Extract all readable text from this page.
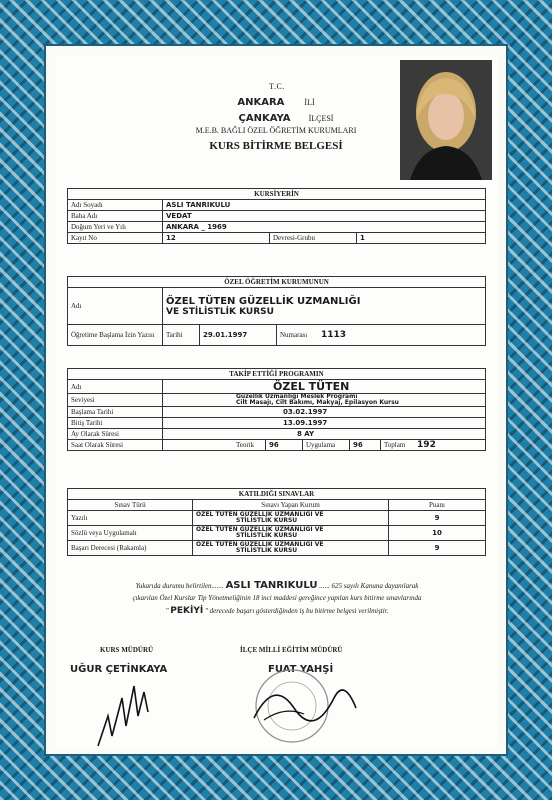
T.C.
ANKARA	İLİ
ÇANKAYA İLÇESİ
M.E.B. BAĞLI ÖZEL ÖĞRETİM KURUMLARI
KURS BİTİRME BELGESİ
KURSİYERİN			
Adı Soyadı	ASLI TANRIKULU		
Baba Adı	VEDAT		
Doğum Yeri ve Yılı	ANKARA _ 1969		
Kayıt No	12	Devresi-Grubu	1
ÖZEL ÖĞRETİM KURUMUNUN			
Adı	ÖZEL TÜTEN GÜZELLİK UZMANLIĞI
VE STİLİSTLİK KURSU		

Öğretime Başlama İzin Yazısı	Tarihi	29.01.1997	Numarası 1113
TAKİP ETTİĞİ PROGRAMIN					
Adı	ÖZEL TÜTEN				
Seviyesi	Güzellik Uzmanlığı Meslek Programı
Cilt Masajı, Cilt Bakımı, Makyaj, Epilasyon Kursu				

Başlama Tarihi	03.02.1997				
Bitiş Tarihi	13.09.1997				
Ay Olarak Süresi	8 AY				
Saat Olarak Süresi	Teorik	96	Uygulama	96	Toplam 192
KATILDIĞI SINAVLAR		
Sınav Türü	Sınavı Yapan Kurum	Puanı
Yazılı	ÖZEL TÜTEN GÜZELLİK UZMANLIĞI VE
STİLİSTLİK KURSU	9
Sözlü veya Uygulamalı	ÖZEL TÜTEN GÜZELLİK UZMANLIĞI VE
STİLİSTLİK KURSU	10
Başarı Derecesi (Rakamla)	ÖZEL TÜTEN GÜZELLİK UZMANLIĞI VE
STİLİSTLİK KURSU	9
Yukarıda durumu belirtilen....... ASLI TANRIKULU ...... 625 sayılı Kanuna dayanılarak
çıkarılan Özel Kurslar Tip Yönetmeliğinin 18 inci maddesi gereğince yapılan kurs bitirme sınavlarında
" PEKİYİ " derecede başarı gösterdiğinden iş bu bitirme belgesi verilmiştir.
KURS MÜDÜRÜ
UĞUR ÇETİNKAYA
İLÇE MİLLİ EĞİTİM MÜDÜRÜ
FUAT YAHŞİ
